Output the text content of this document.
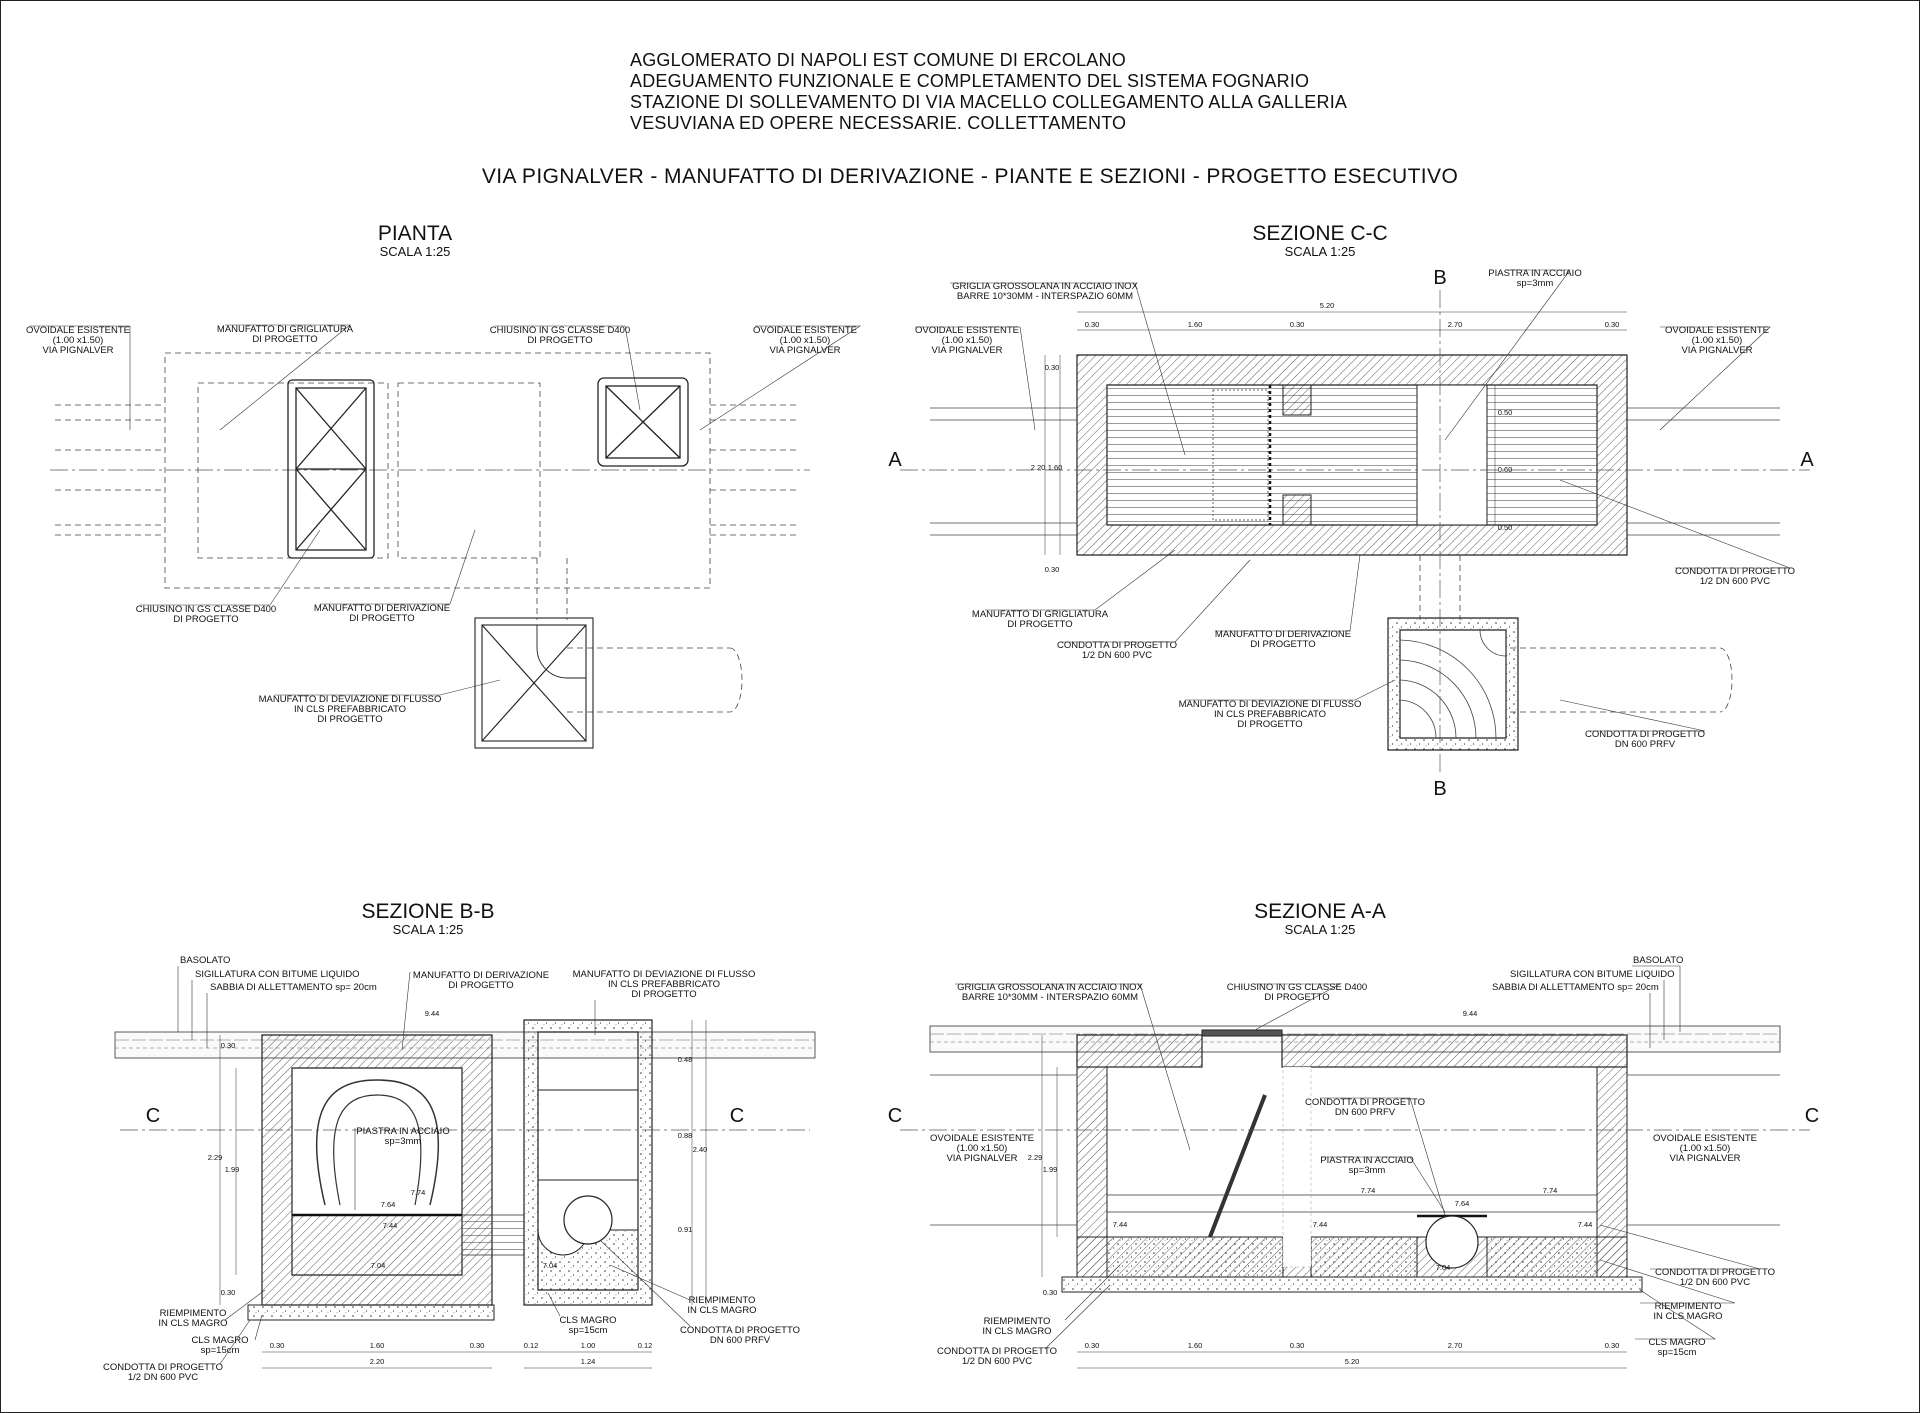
AGGLOMERATO DI NAPOLI EST COMUNE DI ERCOLANO
ADEGUAMENTO FUNZIONALE E COMPLETAMENTO DEL SISTEMA FOGNARIO
STAZIONE DI SOLLEVAMENTO DI VIA MACELLO COLLEGAMENTO ALLA GALLERIA
VESUVIANA ED OPERE NECESSARIE. COLLETTAMENTO
VIA PIGNALVER - MANUFATTO DI DERIVAZIONE - PIANTE E SEZIONI - PROGETTO ESECUTIVO
PIANTA
SCALA 1:25
OVOIDALE ESISTENTE
(1.00 x1.50)
VIA PIGNALVER
MANUFATTO DI GRIGLIATURA
DI PROGETTO
CHIUSINO IN GS CLASSE D400
DI PROGETTO
OVOIDALE ESISTENTE
(1.00 x1.50)
VIA PIGNALVER
CHIUSINO IN GS CLASSE D400
DI PROGETTO
MANUFATTO DI DERIVAZIONE
DI PROGETTO
MANUFATTO DI DEVIAZIONE DI FLUSSO
IN CLS PREFABBRICATO
DI PROGETTO
SEZIONE C-C
SCALA 1:25
B
B
A	A
5.20
0.30	1.60	0.30	2.70	0.30
0.30
2.20 1.60
0.30
0.50
0.60
0.50
GRIGLIA GROSSOLANA IN ACCIAIO INOX
BARRE 10*30MM - INTERSPAZIO 60MM
PIASTRA IN ACCIAIO
sp=3mm
OVOIDALE ESISTENTE
(1.00 x1.50)
VIA PIGNALVER
OVOIDALE ESISTENTE
(1.00 x1.50)
VIA PIGNALVER
CONDOTTA DI PROGETTO
1/2 DN 600 PVC
MANUFATTO DI GRIGLIATURA
DI PROGETTO
CONDOTTA DI PROGETTO
1/2 DN 600 PVC
MANUFATTO DI DERIVAZIONE
DI PROGETTO
MANUFATTO DI DEVIAZIONE DI FLUSSO
IN CLS PREFABBRICATO
DI PROGETTO
CONDOTTA DI PROGETTO
DN 600 PRFV
SEZIONE B-B
SCALA 1:25
C	C
9.44
7.74
7.64
7.44
7.04	7.04
0.30	1.60	0.30	0.12	1.00	0.12
2.20	1.24
0.30
2.29
1.99
0.30
0.48
0.88
2.40
0.91
BASOLATO
SIGILLATURA CON BITUME LIQUIDO
SABBIA DI ALLETTAMENTO sp= 20cm
MANUFATTO DI DERIVAZIONE
DI PROGETTO
MANUFATTO DI DEVIAZIONE DI FLUSSO
IN CLS PREFABBRICATO
DI PROGETTO
PIASTRA IN ACCIAIO
sp=3mm
RIEMPIMENTO
IN CLS MAGRO
CLS MAGRO
sp=15cm
CONDOTTA DI PROGETTO
1/2 DN 600 PVC
RIEMPIMENTO
IN CLS MAGRO
CLS MAGRO
sp=15cm	CONDOTTA DI PROGETTO
DN 600 PRFV
SEZIONE A-A
SCALA 1:25
C	C
9.44
7.74	7.74
7.64
7.44	7.44	7.44
7.04
0.30	1.60	0.30	2.70	0.30
5.20
2.29
1.99
0.30
GRIGLIA GROSSOLANA IN ACCIAIO INOX
BARRE 10*30MM - INTERSPAZIO 60MM
CHIUSINO IN GS CLASSE D400
DI PROGETTO
BASOLATO
SIGILLATURA CON BITUME LIQUIDO
SABBIA DI ALLETTAMENTO sp= 20cm
CONDOTTA DI PROGETTO
DN 600 PRFV
OVOIDALE ESISTENTE
(1.00 x1.50)
VIA PIGNALVER
OVOIDALE ESISTENTE
(1.00 x1.50)
VIA PIGNALVER
PIASTRA IN ACCIAIO
sp=3mm
CONDOTTA DI PROGETTO
1/2 DN 600 PVC
RIEMPIMENTO
IN CLS MAGRO
RIEMPIMENTO
IN CLS MAGRO
CLS MAGRO
sp=15cm
CONDOTTA DI PROGETTO
1/2 DN 600 PVC
